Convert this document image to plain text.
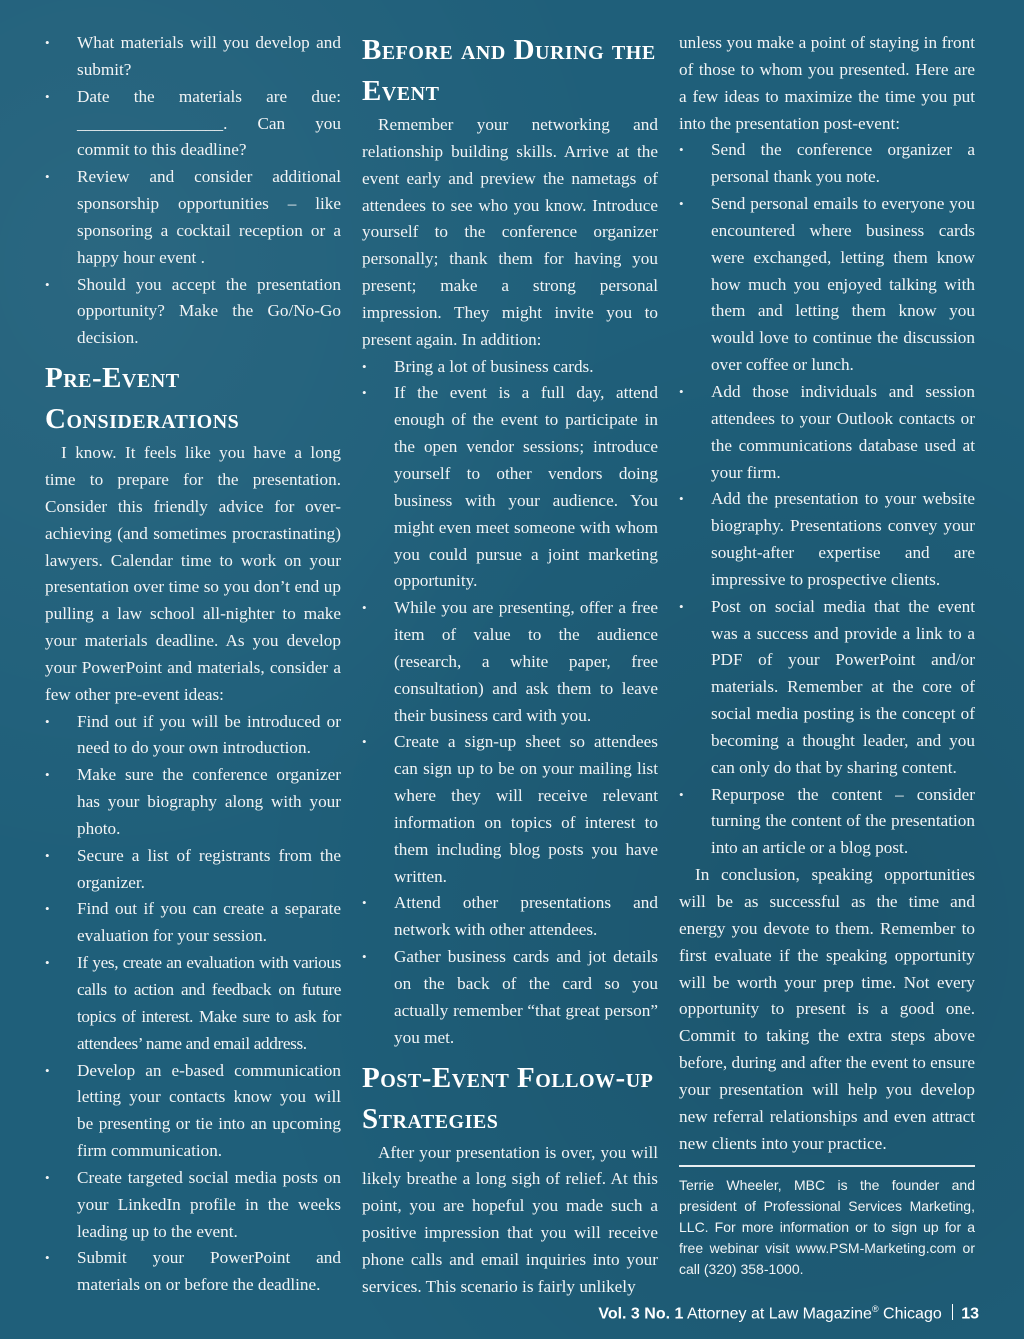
• What materials will you develop and submit?
• Date the materials are due: _________________. Can you commit to this deadline?
• Review and consider additional sponsorship opportunities – like sponsoring a cocktail reception or a happy hour event .
• Should you accept the presentation opportunity? Make the Go/No-Go decision.
Pre-Event Considerations

I know. It feels like you have a long time to prepare for the presentation. Consider this friendly advice for over-achieving (and sometimes procrastinating) lawyers. Calendar time to work on your presentation over time so you don’t end up pulling a law school all-nighter to make your materials deadline. As you develop your PowerPoint and materials, consider a few other pre-event ideas:

• Find out if you will be introduced or need to do your own introduction.
• Make sure the conference organizer has your biography along with your photo.
• Secure a list of registrants from the organizer.
• Find out if you can create a separate evaluation for your session.
• If yes, create an evaluation with various calls to action and feedback on future topics of interest. Make sure to ask for attendees’ name and email address.
• Develop an e-based communication letting your contacts know you will be presenting or tie into an upcoming firm communication.
• Create targeted social media posts on your LinkedIn profile in the weeks leading up to the event.
• Submit your PowerPoint and materials on or before the deadline.
Before and During the Event

Remember your networking and relationship building skills. Arrive at the event early and preview the nametags of attendees to see who you know. Introduce yourself to the conference organizer personally; thank them for having you present; make a strong personal impression. They might invite you to present again. In addition:

• Bring a lot of business cards.
• If the event is a full day, attend enough of the event to participate in the open vendor sessions; introduce yourself to other vendors doing business with your audience. You might even meet someone with whom you could pursue a joint marketing opportunity.
• While you are presenting, offer a free item of value to the audience (research, a white paper, free consultation) and ask them to leave their business card with you.
• Create a sign-up sheet so attendees can sign up to be on your mailing list where they will receive relevant information on topics of interest to them including blog posts you have written.
• Attend other presentations and network with other attendees.
• Gather business cards and jot details on the back of the card so you actually remember “that great person” you met.
Post-Event Follow-up Strategies

After your presentation is over, you will likely breathe a long sigh of relief. At this point, you are hopeful you made such a positive impression that you will receive phone calls and email inquiries into your services. This scenario is fairly unlikely

unless you make a point of staying in front of those to whom you presented. Here are a few ideas to maximize the time you put into the presentation post-event:

• Send the conference organizer a personal thank you note.
• Send personal emails to everyone you encountered where business cards were exchanged, letting them know how much you enjoyed talking with them and letting them know you would love to continue the discussion over coffee or lunch.
• Add those individuals and session attendees to your Outlook contacts or the communications database used at your firm.
• Add the presentation to your website biography. Presentations convey your sought-after expertise and are impressive to prospective clients.
• Post on social media that the event was a success and provide a link to a PDF of your PowerPoint and/or materials. Remember at the core of social media posting is the concept of becoming a thought leader, and you can only do that by sharing content.
• Repurpose the content – consider turning the content of the presentation into an article or a blog post.

In conclusion, speaking opportunities will be as successful as the time and energy you devote to them. Remember to first evaluate if the speaking opportunity will be worth your prep time. Not every opportunity to present is a good one. Commit to taking the extra steps above before, during and after the event to ensure your presentation will help you develop new referral relationships and even attract new clients into your practice.

Terrie Wheeler, MBC is the founder and president of Professional Services Marketing, LLC. For more information or to sign up for a free webinar visit www.PSM-Marketing.com or call (320) 358-1000.
Vol. 3 No. 1 Attorney at Law Magazine® Chicago 13
